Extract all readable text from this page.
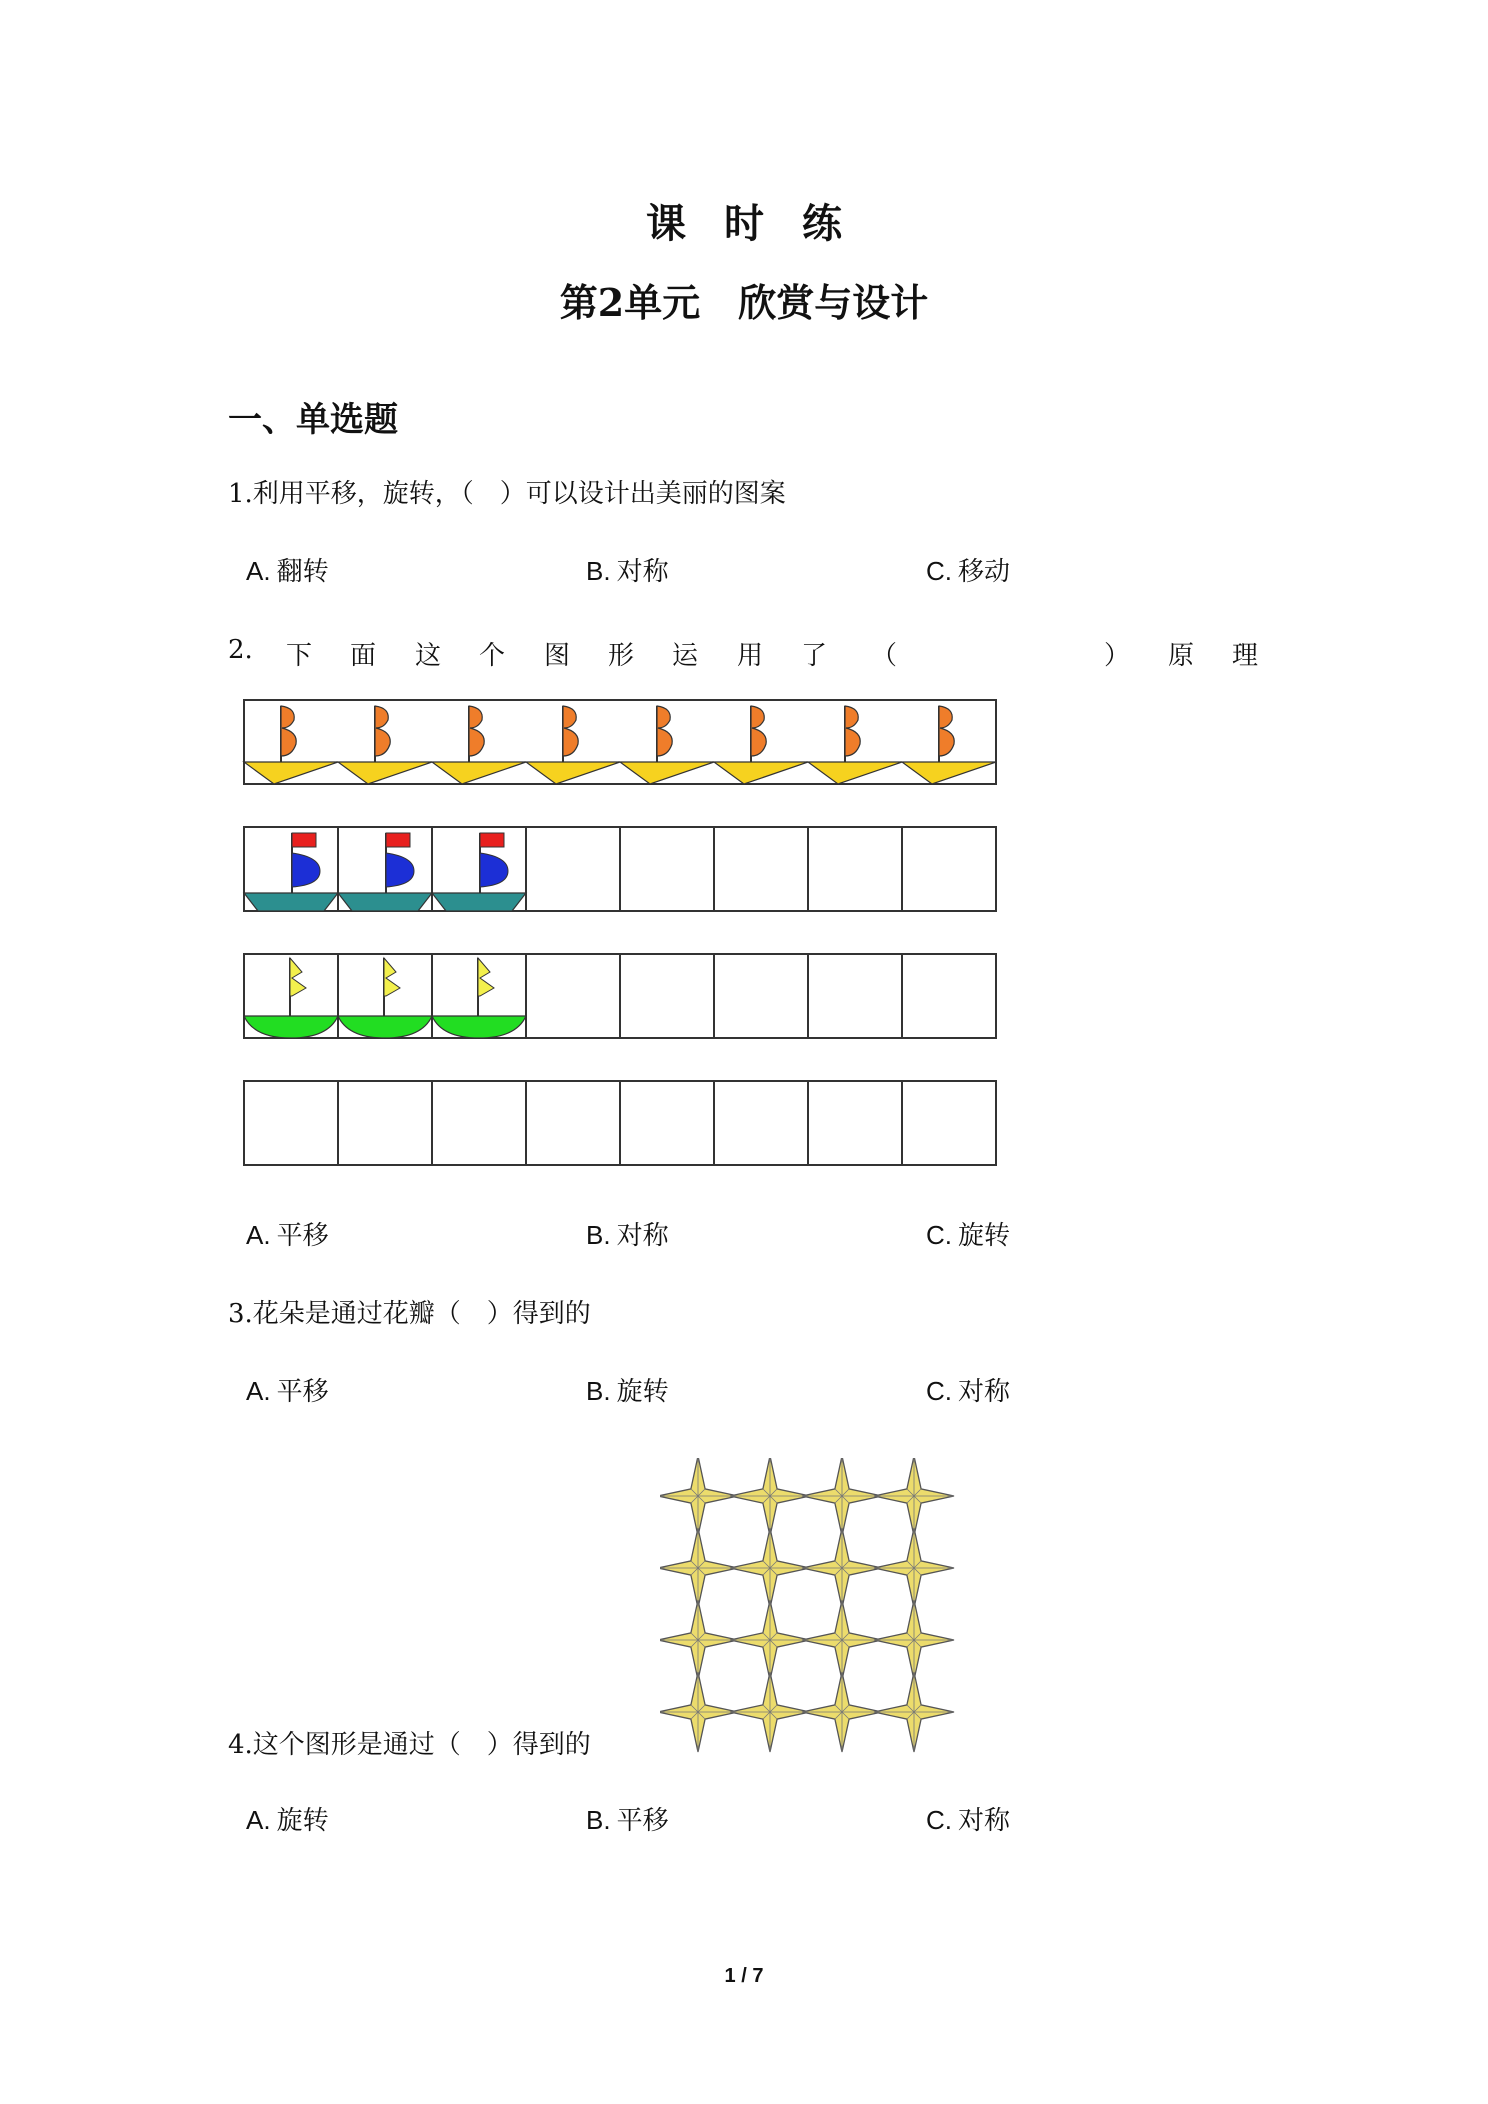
课时练
第2单元　欣赏与设计
一、单选题
1.利用平移，旋转，（　）可以设计出美丽的图案
A. 翻转	B. 对称	C. 移动
2. 下 面 这 个 图 形 运 用 了 （	） 原 理
A. 平移	B. 对称	C. 旋转
3.花朵是通过花瓣（　）得到的
A. 平移	B. 旋转	C. 对称
4.这个图形是通过（　）得到的
A. 旋转	B. 平移	C. 对称
1 / 7
